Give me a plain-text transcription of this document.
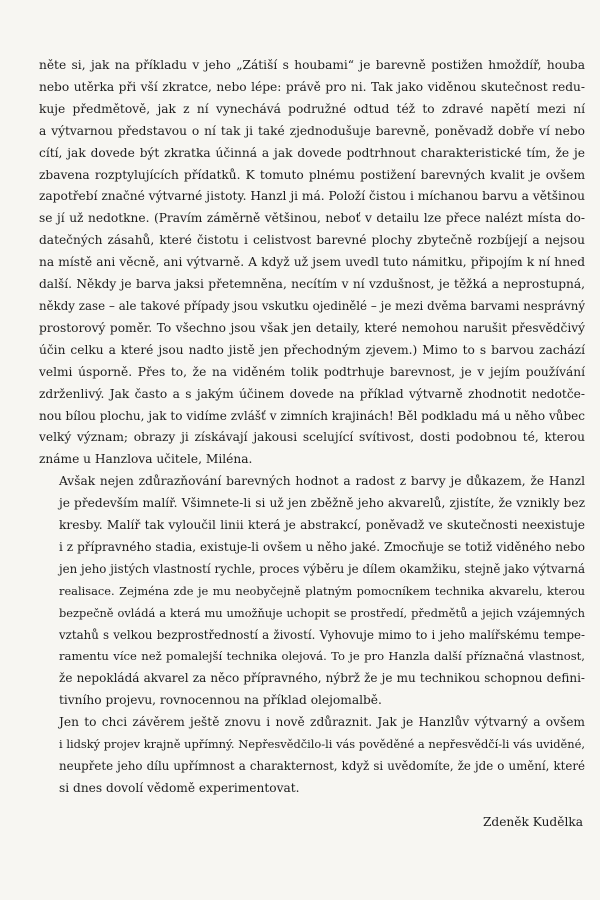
něte si, jak na příkladu v jeho „Zátiší s houbami“ je barevně postižen hmoždíř, houba
nebo utěrka při vší zkratce, nebo lépe: právě pro ni. Tak jako viděnou skutečnost redu-
kuje předmětově, jak z ní vynechává podružné odtud též to zdravé napětí mezi ní
a výtvarnou představou o ní tak ji také zjednodušuje barevně, poněvadž dobře ví nebo
cítí, jak dovede být zkratka účinná a jak dovede podtrhnout charakteristické tím, že je
zbavena rozptylujících přídatků. K tomuto plnému postižení barevných kvalit je ovšem
zapotřebí značné výtvarné jistoty. Hanzl ji má. Položí čistou i míchanou barvu a většinou
se jí už nedotkne. (Pravím záměrně většinou, neboť v detailu lze přece nalézt místa do-
datečných zásahů, které čistotu i celistvost barevné plochy zbytečně rozbíjejí a nejsou
na místě ani věcně, ani výtvarně. A když už jsem uvedl tuto námitku, připojím k ní hned
další. Někdy je barva jaksi přetemněna, necítím v ní vzdušnost, je těžká a neprostupná,
někdy zase – ale takové případy jsou vskutku ojedinělé – je mezi dvěma barvami nesprávný
prostorový poměr. To všechno jsou však jen detaily, které nemohou narušit přesvědčivý
účin celku a které jsou nadto jistě jen přechodným zjevem.) Mimo to s barvou zachází
velmi úsporně. Přes to, že na viděném tolik podtrhuje barevnost, je v jejím používání
zdrženlivý. Jak často a s jakým účinem dovede na příklad výtvarně zhodnotit nedotče-
nou bílou plochu, jak to vidíme zvlášť v zimních krajinách! Běl podkladu má u něho vůbec
velký význam; obrazy ji získávají jakousi scelující svítivost, dosti podobnou té, kterou
známe u Hanzlova učitele, Miléna.
Avšak nejen zdůrazňování barevných hodnot a radost z barvy je důkazem, že Hanzl
je především malíř. Všimnete-li si už jen zběžně jeho akvarelů, zjistíte, že vznikly bez
kresby. Malíř tak vyloučil linii která je abstrakcí, poněvadž ve skutečnosti neexistuje
i z přípravného stadia, existuje-li ovšem u něho jaké. Zmocňuje se totiž viděného nebo
jen jeho jistých vlastností rychle, proces výběru je dílem okamžiku, stejně jako výtvarná
realisace. Zejména zde je mu neobyčejně platným pomocníkem technika akvarelu, kterou
bezpečně ovládá a která mu umožňuje uchopit se prostředí, předmětů a jejich vzájemných
vztahů s velkou bezprostředností a živostí. Vyhovuje mimo to i jeho malířskému tempe-
ramentu více než pomalejší technika olejová. To je pro Hanzla další příznačná vlastnost,
že nepokládá akvarel za něco přípravného, nýbrž že je mu technikou schopnou defini-
tivního projevu, rovnocennou na příklad olejomalbě.
Jen to chci závěrem ještě znovu i nově zdůraznit. Jak je Hanzlův výtvarný a ovšem
i lidský projev krajně upřímný. Nepřesvědčilo-li vás pověděné a nepřesvědčí-li vás uviděné,
neupřete jeho dílu upřímnost a charakternost, když si uvědomíte, že jde o umění, které
si dnes dovolí vědomě experimentovat.
Zdeněk Kudělka
